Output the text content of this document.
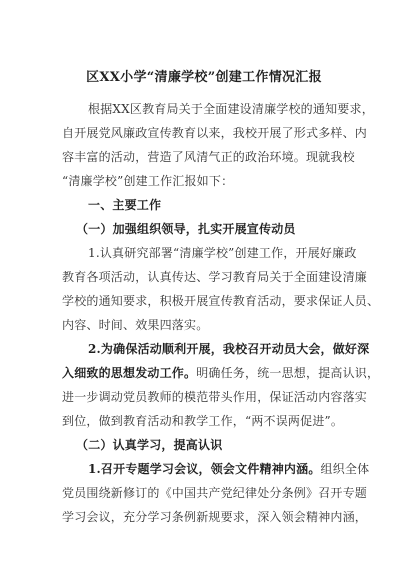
区XX小学“清廉学校”创建工作情况汇报
根据XX区教育局关于全面建设清廉学校的通知要求，
自开展党风廉政宣传教育以来，我校开展了形式多样、内
容丰富的活动，营造了风清气正的政治环境。现就我校
“清廉学校”创建工作汇报如下：
一、主要工作
（一）加强组织领导，扎实开展宣传动员
1.认真研究部署“清廉学校”创建工作，开展好廉政
教育各项活动，认真传达、学习教育局关于全面建设清廉
学校的通知要求，积极开展宣传教育活动，要求保证人员、
内容、时间、效果四落实。
2.为确保活动顺利开展，我校召开动员大会，做好深
入细致的思想发动工作。明确任务，统一思想，提高认识，
进一步调动党员教师的模范带头作用，保证活动内容落实
到位，做到教育活动和教学工作，“两不误两促进”。
（二）认真学习，提高认识
1.召开专题学习会议，领会文件精神内涵。组织全体
党员围绕新修订的《中国共产党纪律处分条例》召开专题
学习会议，充分学习条例新规要求，深入领会精神内涵，
